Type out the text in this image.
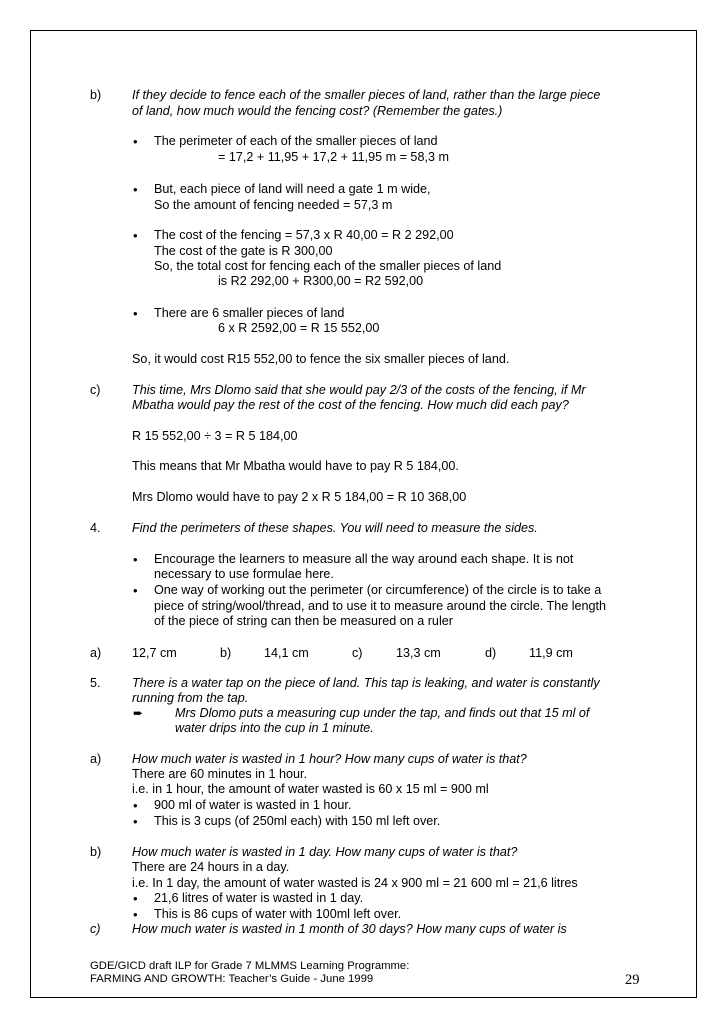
b) If they decide to fence each of the smaller pieces of land, rather than the large piece
of land, how much would the fencing cost? (Remember the gates.)
• The perimeter of each of the smaller pieces of land
= 17,2 + 11,95 + 17,2 + 11,95 m = 58,3 m
• But, each piece of land will need a gate 1 m wide,
So the amount of fencing needed = 57,3 m
• The cost of the fencing = 57,3 x R 40,00 = R 2 292,00
The cost of the gate is R 300,00
So, the total cost for fencing each of the smaller pieces of land
is R2 292,00 + R300,00 = R2 592,00
• There are 6 smaller pieces of land
6 x R 2592,00 = R 15 552,00
So, it would cost R15 552,00 to fence the six smaller pieces of land.
c)	This time, Mrs Dlomo said that she would pay 2/3 of the costs of the fencing, if Mr
Mbatha would pay the rest of the cost of the fencing. How much did each pay?
R 15 552,00 ÷ 3 = R 5 184,00
This means that Mr Mbatha would have to pay R 5 184,00.
Mrs Dlomo would have to pay 2 x R 5 184,00 = R 10 368,00
4. Find the perimeters of these shapes. You will need to measure the sides.
• Encourage the learners to measure all the way around each shape. It is not
necessary to use formulae here.
• One way of working out the perimeter (or circumference) of the circle is to take a
piece of string/wool/thread, and to use it to measure around the circle. The length
of the piece of string can then be measured on a ruler
a) 12,7 cm	b)	14,1 cm	c)	13,3 cm	d)	11,9 cm
5. There is a water tap on the piece of land. This tap is leaking, and water is constantly
running from the tap.
➨	Mrs Dlomo puts a measuring cup under the tap, and finds out that 15 ml of
water drips into the cup in 1 minute.
a) How much water is wasted in 1 hour? How many cups of water is that?
There are 60 minutes in 1 hour.
i.e. in 1 hour, the amount of water wasted is 60 x 15 ml = 900 ml
• 900 ml of water is wasted in 1 hour.
• This is 3 cups (of 250ml each) with 150 ml left over.
b) How much water is wasted in 1 day. How many cups of water is that?
There are 24 hours in a day.
i.e. In 1 day, the amount of water wasted is 24 x 900 ml = 21 600 ml = 21,6 litres
• 21,6 litres of water is wasted in 1 day.
• This is 86 cups of water with 100ml left over.
c)	How much water is wasted in 1 month of 30 days? How many cups of water is
GDE/GICD draft ILP for Grade 7 MLMMS Learning Programme:
FARMING AND GROWTH: Teacher’s Guide - June 1999	29
